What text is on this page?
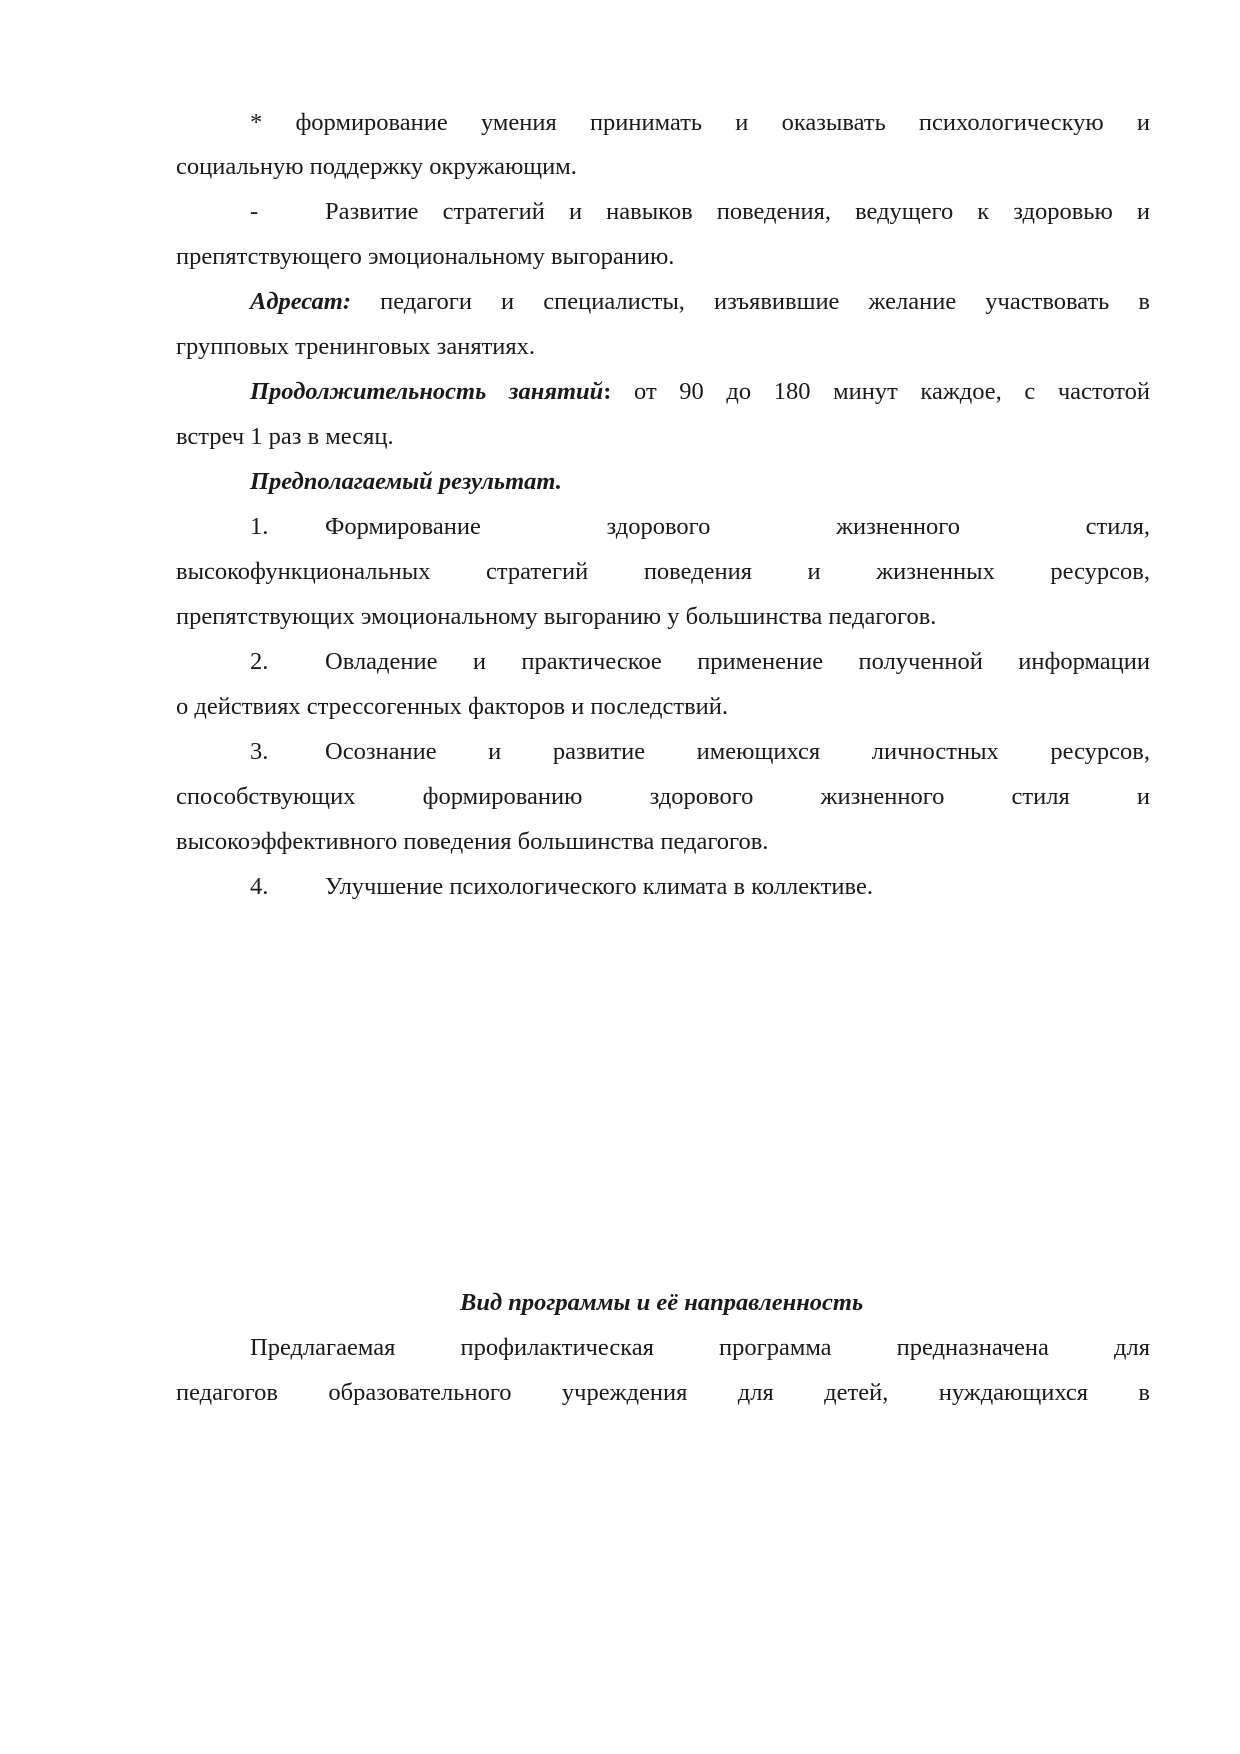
* формирование умения принимать и оказывать психологическую и
социальную поддержку окружающим.
-	Развитие стратегий и навыков поведения, ведущего к здоровью и
препятствующего эмоциональному выгоранию.
Адресат: педагоги и специалисты, изъявившие желание участвовать в
групповых тренинговых занятиях.
Продолжительность занятий: от 90 до 180 минут каждое, с частотой
встреч 1 раз в месяц.
Предполагаемый результат.
1.	Формирование здорового жизненного стиля,
высокофункциональных стратегий поведения и жизненных ресурсов,
препятствующих эмоциональному выгоранию у большинства педагогов.
2.	Овладение и практическое применение полученной информации
о действиях стрессогенных факторов и последствий.
3.	Осознание и развитие имеющихся личностных ресурсов,
способствующих формированию здорового жизненного стиля и
высокоэффективного поведения большинства педагогов.
4.	Улучшение психологического климата в коллективе.
Вид программы и её направленность
Предлагаемая профилактическая программа предназначена для
педагогов образовательного учреждения для детей, нуждающихся в
